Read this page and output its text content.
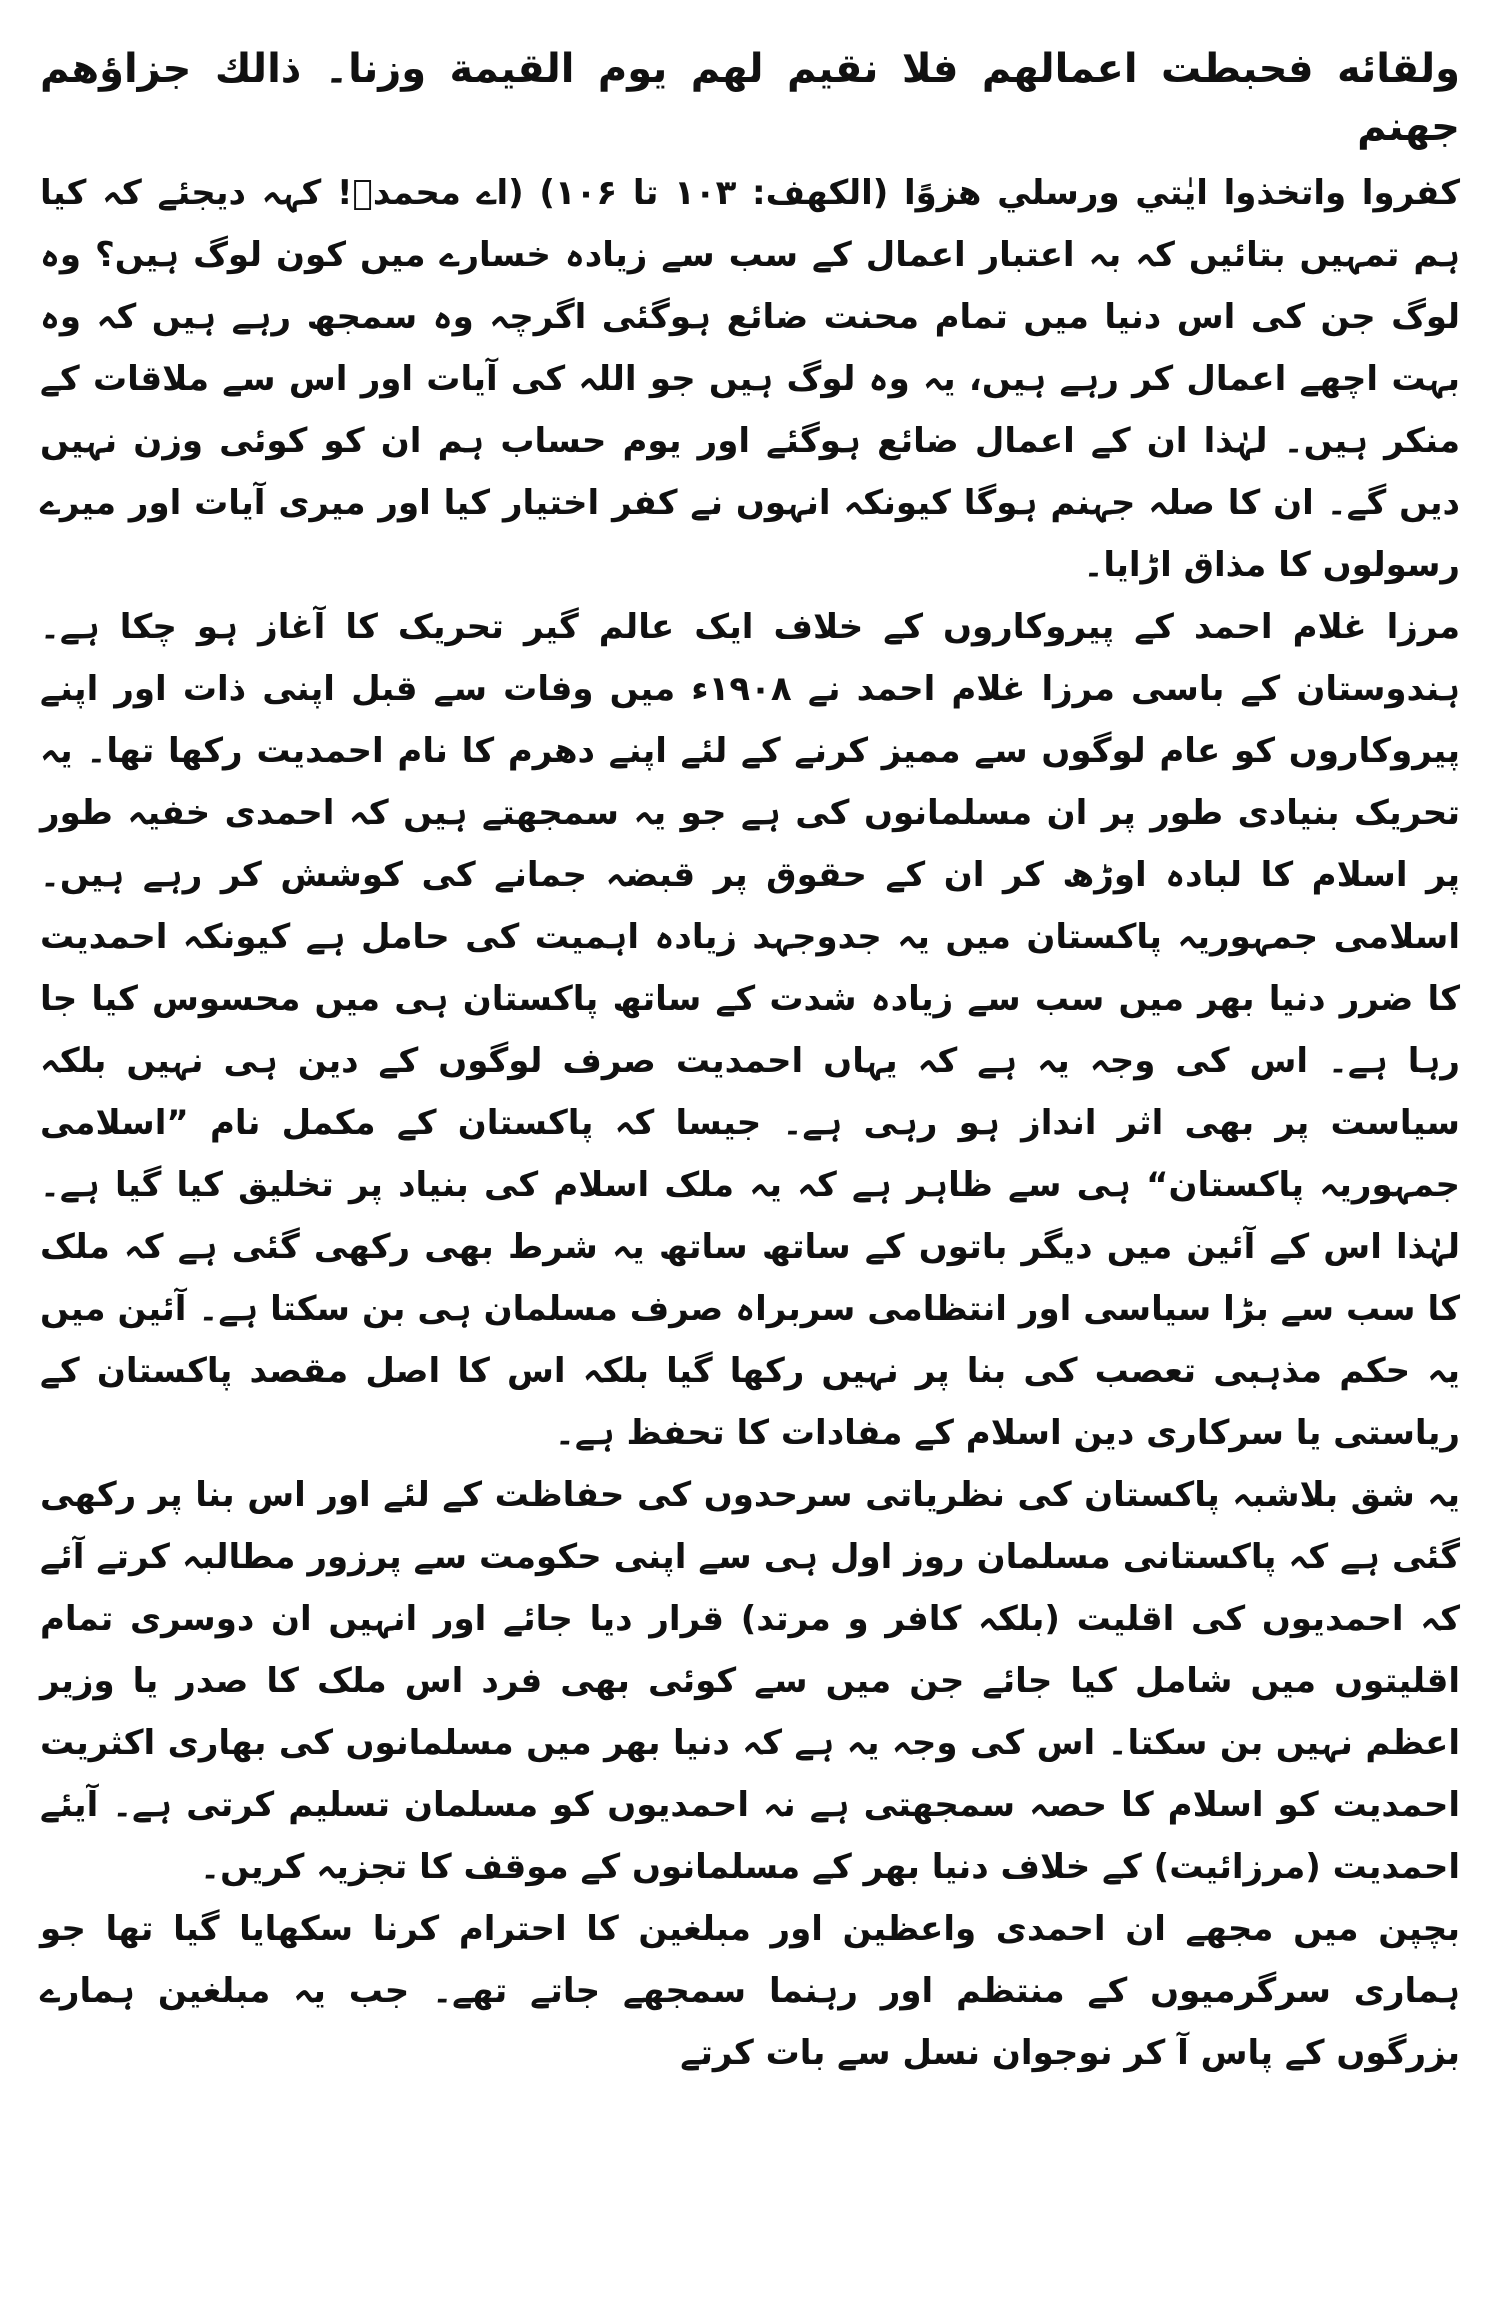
ولقائه فحبطت اعمالهم فلا نقيم لهم يوم القيمة وزنا۔ ذالك جزاؤهم جهنم

كفروا واتخذوا ايٰتي ورسلي هزوًا (الكھف: ۱۰۳ تا ۱۰۶) (اے محمدؐ! کہہ دیجئے کہ کیا ہم تمہیں بتائیں کہ بہ اعتبار اعمال کے سب سے زیادہ خسارے میں کون لوگ ہیں؟ وہ لوگ جن کی اس دنیا میں تمام محنت ضائع ہوگئی اگرچہ وہ سمجھ رہے ہیں کہ وہ بہت اچھے اعمال کر رہے ہیں، یہ وہ لوگ ہیں جو اللہ کی آیات اور اس سے ملاقات کے منکر ہیں۔ لہٰذا ان کے اعمال ضائع ہوگئے اور یوم حساب ہم ان کو کوئی وزن نہیں دیں گے۔ ان کا صلہ جہنم ہوگا کیونکہ انہوں نے کفر اختیار کیا اور میری آیات اور میرے رسولوں کا مذاق اڑایا۔

مرزا غلام احمد کے پیروکاروں کے خلاف ایک عالم گیر تحریک کا آغاز ہو چکا ہے۔ ہندوستان کے باسی مرزا غلام احمد نے ۱۹۰۸ء میں وفات سے قبل اپنی ذات اور اپنے پیروکاروں کو عام لوگوں سے ممیز کرنے کے لئے اپنے دھرم کا نام احمدیت رکھا تھا۔ یہ تحریک بنیادی طور پر ان مسلمانوں کی ہے جو یہ سمجھتے ہیں کہ احمدی خفیہ طور پر اسلام کا لبادہ اوڑھ کر ان کے حقوق پر قبضہ جمانے کی کوشش کر رہے ہیں۔ اسلامی جمہوریہ پاکستان میں یہ جدوجہد زیادہ اہمیت کی حامل ہے کیونکہ احمدیت کا ضرر دنیا بھر میں سب سے زیادہ شدت کے ساتھ پاکستان ہی میں محسوس کیا جا رہا ہے۔ اس کی وجہ یہ ہے کہ یہاں احمدیت صرف لوگوں کے دین ہی نہیں بلکہ سیاست پر بھی اثر انداز ہو رہی ہے۔ جیسا کہ پاکستان کے مکمل نام ”اسلامی جمہوریہ پاکستان“ ہی سے ظاہر ہے کہ یہ ملک اسلام کی بنیاد پر تخلیق کیا گیا ہے۔ لہٰذا اس کے آئین میں دیگر باتوں کے ساتھ ساتھ یہ شرط بھی رکھی گئی ہے کہ ملک کا سب سے بڑا سیاسی اور انتظامی سربراہ صرف مسلمان ہی بن سکتا ہے۔ آئین میں یہ حکم مذہبی تعصب کی بنا پر نہیں رکھا گیا بلکہ اس کا اصل مقصد پاکستان کے ریاستی یا سرکاری دین اسلام کے مفادات کا تحفظ ہے۔

یہ شق بلاشبہ پاکستان کی نظریاتی سرحدوں کی حفاظت کے لئے اور اس بنا پر رکھی گئی ہے کہ پاکستانی مسلمان روز اول ہی سے اپنی حکومت سے پرزور مطالبہ کرتے آئے کہ احمدیوں کی اقلیت (بلکہ کافر و مرتد) قرار دیا جائے اور انہیں ان دوسری تمام اقلیتوں میں شامل کیا جائے جن میں سے کوئی بھی فرد اس ملک کا صدر یا وزیر اعظم نہیں بن سکتا۔ اس کی وجہ یہ ہے کہ دنیا بھر میں مسلمانوں کی بھاری اکثریت احمدیت کو اسلام کا حصہ سمجھتی ہے نہ احمدیوں کو مسلمان تسلیم کرتی ہے۔ آیئے احمدیت (مرزائیت) کے خلاف دنیا بھر کے مسلمانوں کے موقف کا تجزیہ کریں۔

بچپن میں مجھے ان احمدی واعظین اور مبلغین کا احترام کرنا سکھایا گیا تھا جو ہماری سرگرمیوں کے منتظم اور رہنما سمجھے جاتے تھے۔ جب یہ مبلغین ہمارے بزرگوں کے پاس آ کر نوجوان نسل سے بات کرتے
